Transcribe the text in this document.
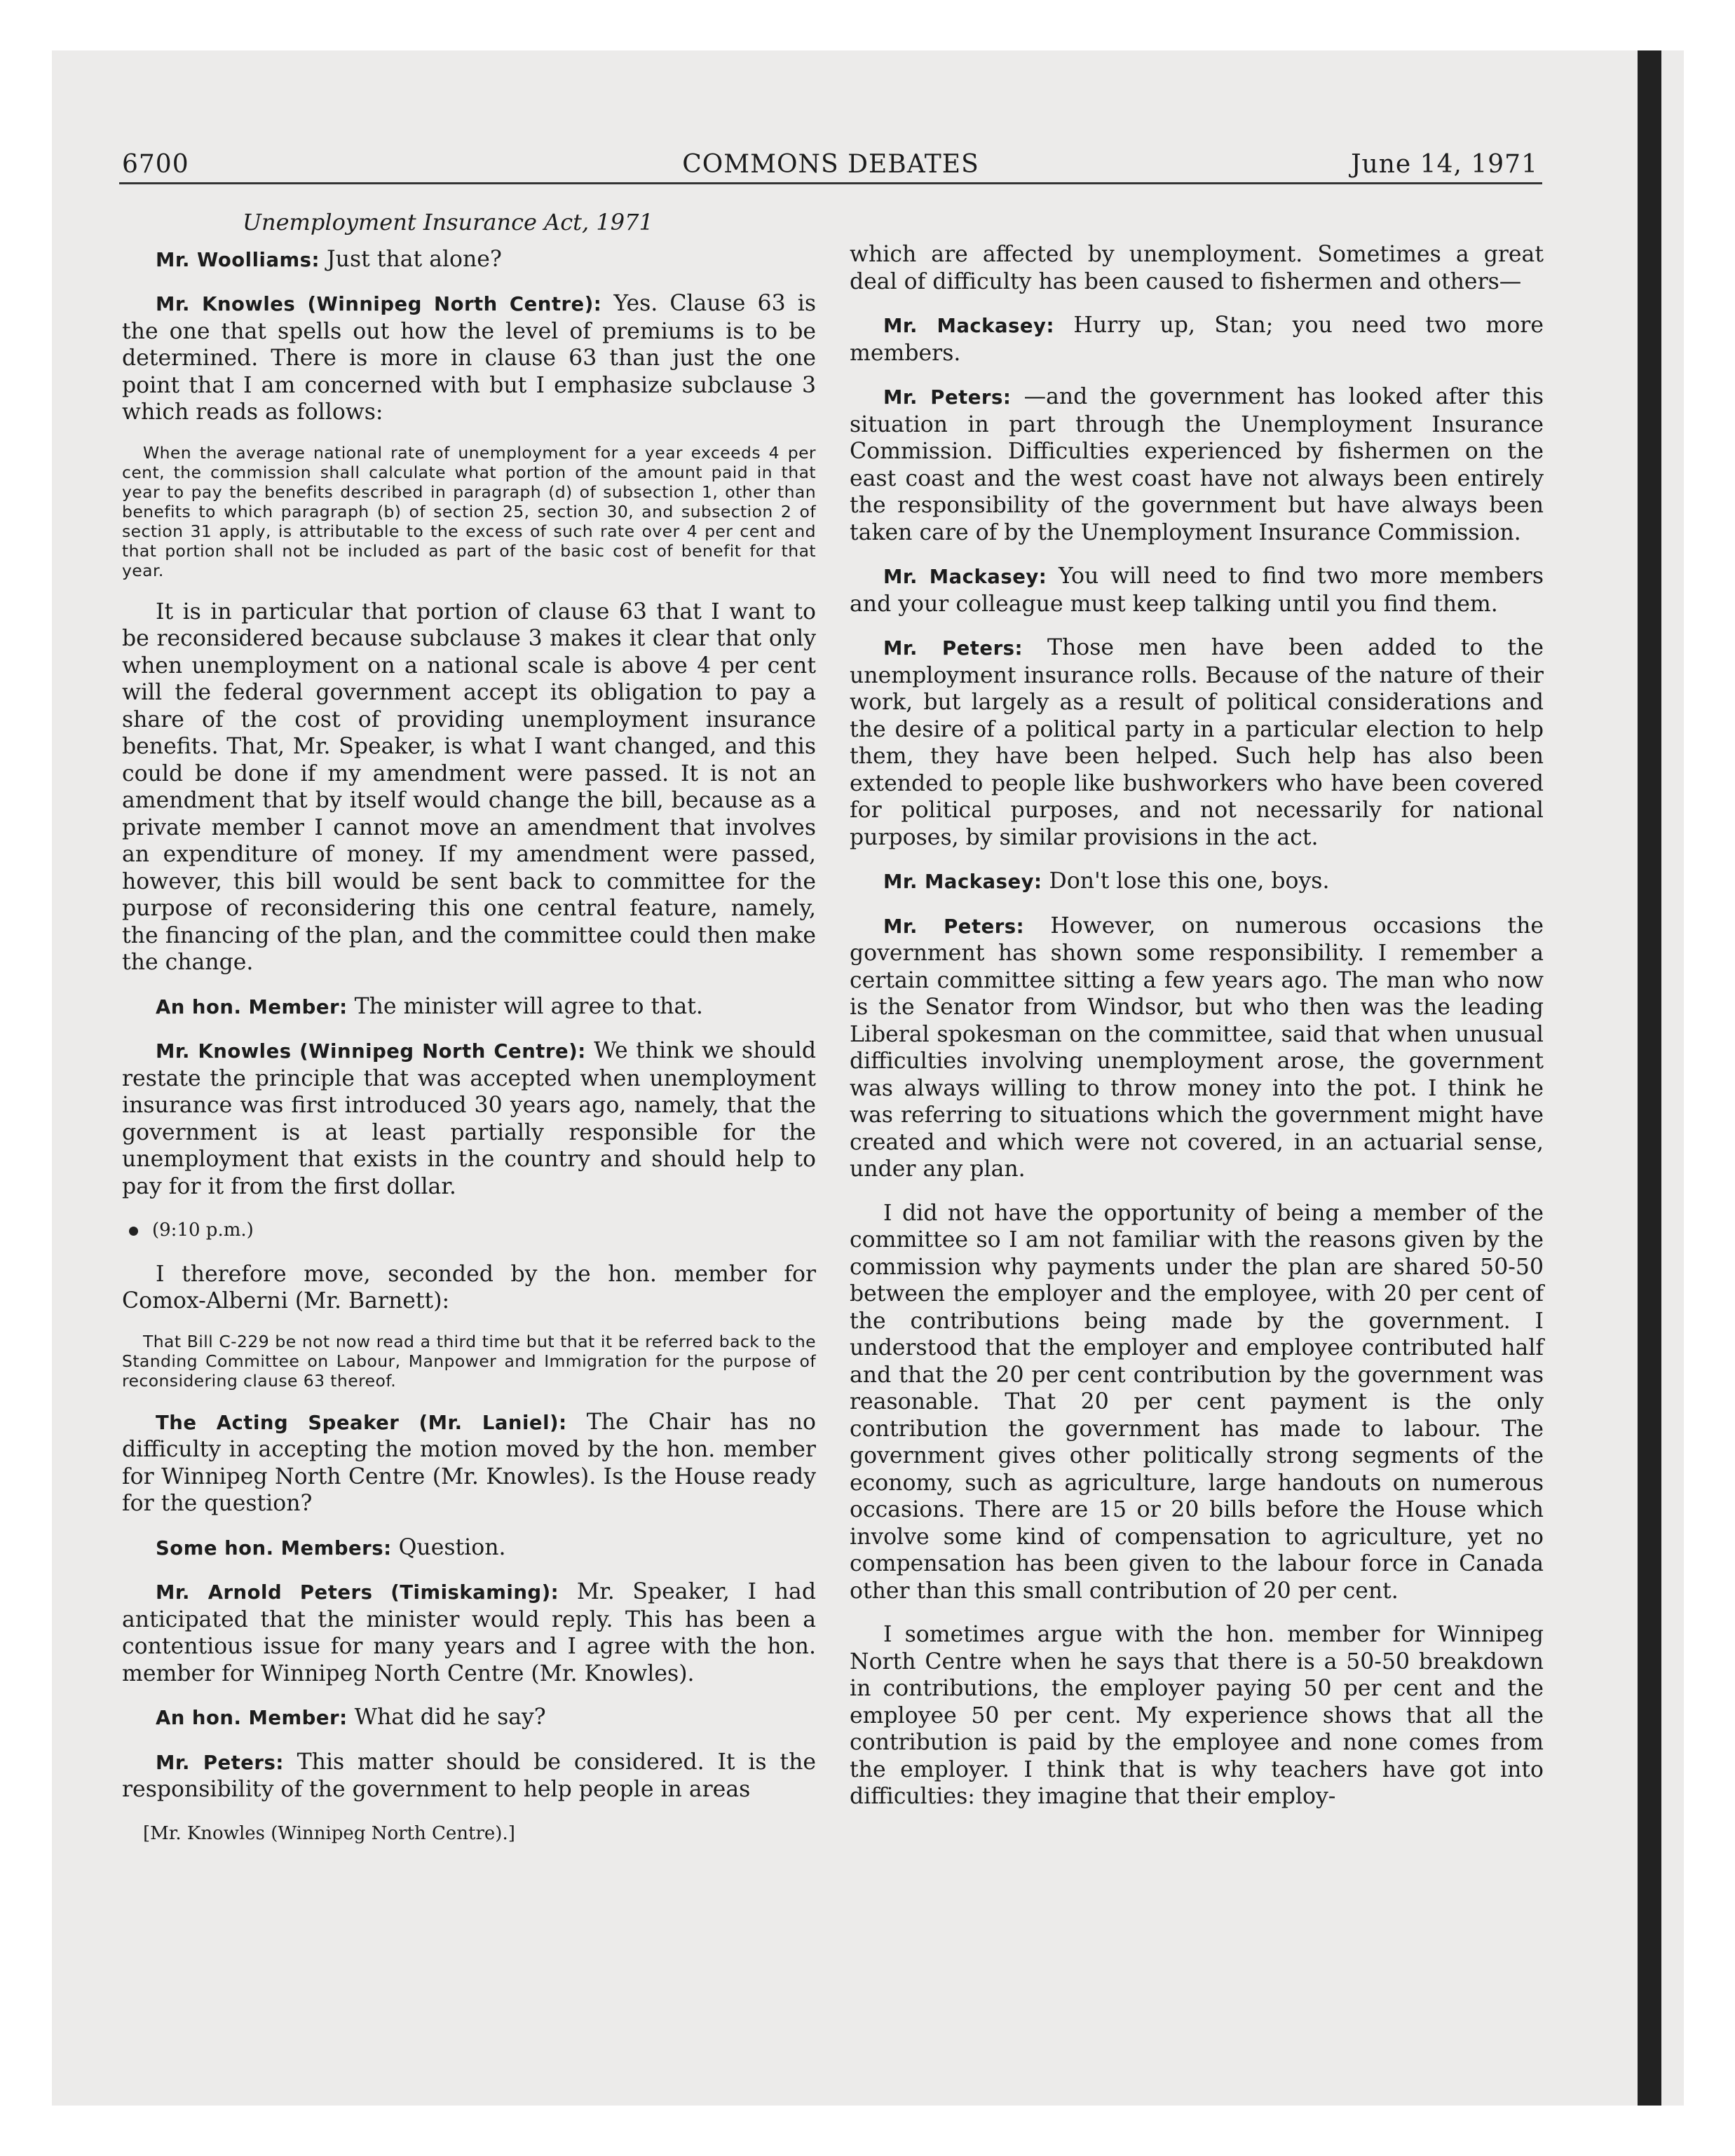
6700	COMMONS DEBATES	June 14, 1971
Unemployment Insurance Act, 1971

Mr. Woolliams: Just that alone?

Mr. Knowles (Winnipeg North Centre): Yes. Clause 63 is the one that spells out how the level of premiums is to be determined. There is more in clause 63 than just the one point that I am concerned with but I emphasize subclause 3 which reads as follows:

When the average national rate of unemployment for a year exceeds 4 per cent, the commission shall calculate what portion of the amount paid in that year to pay the benefits described in paragraph (d) of subsection 1, other than benefits to which paragraph (b) of section 25, section 30, and subsection 2 of section 31 apply, is attributable to the excess of such rate over 4 per cent and that portion shall not be included as part of the basic cost of benefit for that year.

It is in particular that portion of clause 63 that I want to be reconsidered because subclause 3 makes it clear that only when unemployment on a national scale is above 4 per cent will the federal government accept its obligation to pay a share of the cost of providing unemployment insurance benefits. That, Mr. Speaker, is what I want changed, and this could be done if my amendment were passed. It is not an amendment that by itself would change the bill, because as a private member I cannot move an amendment that involves an expenditure of money. If my amendment were passed, however, this bill would be sent back to committee for the purpose of reconsidering this one central feature, namely, the financing of the plan, and the committee could then make the change.

An hon. Member: The minister will agree to that.

Mr. Knowles (Winnipeg North Centre): We think we should restate the principle that was accepted when unemployment insurance was first introduced 30 years ago, namely, that the government is at least partially responsible for the unemployment that exists in the country and should help to pay for it from the first dollar.

(9:10 p.m.)

I therefore move, seconded by the hon. member for Comox-Alberni (Mr. Barnett):

That Bill C-229 be not now read a third time but that it be referred back to the Standing Committee on Labour, Manpower and Immigration for the purpose of reconsidering clause 63 thereof.

The Acting Speaker (Mr. Laniel): The Chair has no difficulty in accepting the motion moved by the hon. member for Winnipeg North Centre (Mr. Knowles). Is the House ready for the question?

Some hon. Members: Question.

Mr. Arnold Peters (Timiskaming): Mr. Speaker, I had anticipated that the minister would reply. This has been a contentious issue for many years and I agree with the hon. member for Winnipeg North Centre (Mr. Knowles).

An hon. Member: What did he say?

Mr. Peters: This matter should be considered. It is the responsibility of the government to help people in areas

[Mr. Knowles (Winnipeg North Centre).]

which are affected by unemployment. Sometimes a great deal of difficulty has been caused to fishermen and others—

Mr. Mackasey: Hurry up, Stan; you need two more members.

Mr. Peters: —and the government has looked after this situation in part through the Unemployment Insurance Commission. Difficulties experienced by fishermen on the east coast and the west coast have not always been entirely the responsibility of the government but have always been taken care of by the Unemployment Insurance Commission.

Mr. Mackasey: You will need to find two more members and your colleague must keep talking until you find them.

Mr. Peters: Those men have been added to the unemployment insurance rolls. Because of the nature of their work, but largely as a result of political considerations and the desire of a political party in a particular election to help them, they have been helped. Such help has also been extended to people like bushworkers who have been covered for political purposes, and not necessarily for national purposes, by similar provisions in the act.

Mr. Mackasey: Don't lose this one, boys.

Mr. Peters: However, on numerous occasions the government has shown some responsibility. I remember a certain committee sitting a few years ago. The man who now is the Senator from Windsor, but who then was the leading Liberal spokesman on the committee, said that when unusual difficulties involving unemployment arose, the government was always willing to throw money into the pot. I think he was referring to situations which the government might have created and which were not covered, in an actuarial sense, under any plan.

I did not have the opportunity of being a member of the committee so I am not familiar with the reasons given by the commission why payments under the plan are shared 50-50 between the employer and the employee, with 20 per cent of the contributions being made by the government. I understood that the employer and employee contributed half and that the 20 per cent contribution by the government was reasonable. That 20 per cent payment is the only contribution the government has made to labour. The government gives other politically strong segments of the economy, such as agriculture, large handouts on numerous occasions. There are 15 or 20 bills before the House which involve some kind of compensation to agriculture, yet no compensation has been given to the labour force in Canada other than this small contribution of 20 per cent.

I sometimes argue with the hon. member for Winnipeg North Centre when he says that there is a 50-50 breakdown in contributions, the employer paying 50 per cent and the employee 50 per cent. My experience shows that all the contribution is paid by the employee and none comes from the employer. I think that is why teachers have got into difficulties: they imagine that their employ-
